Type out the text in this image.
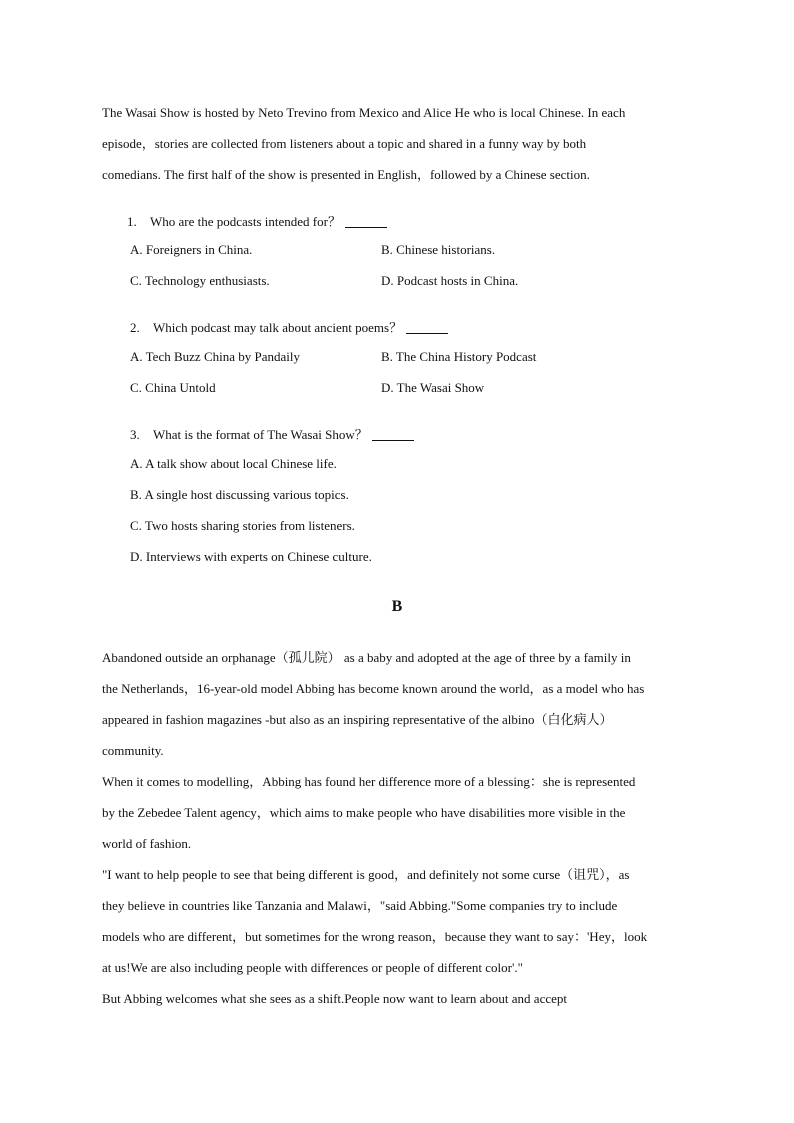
The Wasai Show is hosted by Neto Trevino from Mexico and Alice He who is local Chinese. In each
episode，stories are collected from listeners about a topic and shared in a funny way by both
comedians. The first half of the show is presented in English，followed by a Chinese section.
1. Who are the podcasts intended for？
A. Foreigners in China.	B. Chinese historians.
C. Technology enthusiasts.	D. Podcast hosts in China.
2. Which podcast may talk about ancient poems？
A. Tech Buzz China by Pandaily	B. The China History Podcast
C. China Untold	D. The Wasai Show
3. What is the format of The Wasai Show？
A. A talk show about local Chinese life.
B. A single host discussing various topics.
C. Two hosts sharing stories from listeners.
D. Interviews with experts on Chinese culture.
B
Abandoned outside an orphanage（孤儿院） as a baby and adopted at the age of three by a family in
the Netherlands，16-year-old model Abbing has become known around the world，as a model who has
appeared in fashion magazines -but also as an inspiring representative of the albino（白化病人）
community.
When it comes to modelling，Abbing has found her difference more of a blessing：she is represented
by the Zebedee Talent agency，which aims to make people who have disabilities more visible in the
world of fashion.
"I want to help people to see that being different is good，and definitely not some curse（诅咒），as
they believe in countries like Tanzania and Malawi，"said Abbing."Some companies try to include
models who are different，but sometimes for the wrong reason，because they want to say：'Hey，look
at us!We are also including people with differences or people of different color'."
But Abbing welcomes what she sees as a shift.People now want to learn about and accept
